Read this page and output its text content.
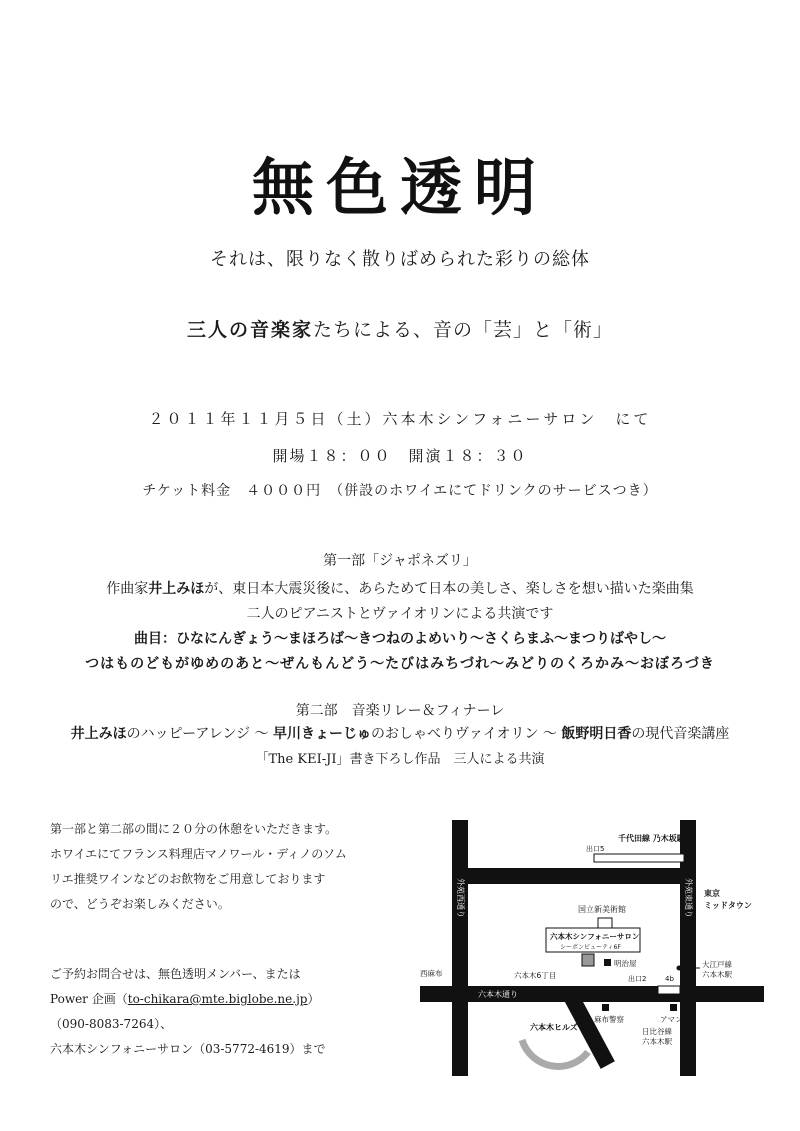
無色透明
それは、限りなく散りばめられた彩りの総体
三人の音楽家たちによる、音の「芸」と「術」
２０１１年１１月５日（土）六本木シンフォニーサロン　にて
開場１８：００　開演１８：３０
チケット料金　４０００円　（併設のホワイエにてドリンクのサービスつき）
第一部「ジャポネズリ」
作曲家井上みほが、東日本大震災後に、あらためて日本の美しさ、楽しさを想い描いた楽曲集
二人のピアニストとヴァイオリンによる共演です
曲目：ひなにんぎょう～まほろば～きつねのよめいり～さくらまふ～まつりばやし～
つはものどもがゆめのあと～ぜんもんどう～たびはみちづれ～みどりのくろかみ～おぼろづき
第二部　音楽リレー＆フィナーレ
井上みほのハッピーアレンジ ～ 早川きょーじゅのおしゃべりヴァイオリン ～ 飯野明日香の現代音楽講座
「The KEI-JI」書き下ろし作品　三人による共演
第一部と第二部の間に２０分の休憩をいただきます。
ホワイエにてフランス料理店マノワール・ディノのソム
リエ推奨ワインなどのお飲物をご用意しております
ので、どうぞお楽しみください。
ご予約お問合せは、無色透明メンバー、または
Power 企画（to-chikara@mte.biglobe.ne.jp）
（090-8083-7264）、
六本木シンフォニーサロン（03-5772-4619）まで
外苑西通り	外苑東通り
六本木通り
千代田線 乃木坂駅
出口5
国立新美術館
東京
ミッドタウン
六本木シンフォニーサロン
シーボンビューティ6F
大江戸線
六本木駅
西麻布	六本木6丁目
明治屋
出口2	4b
麻布警察	アマンド
日比谷線
六本木駅
六本木ヒルズ
